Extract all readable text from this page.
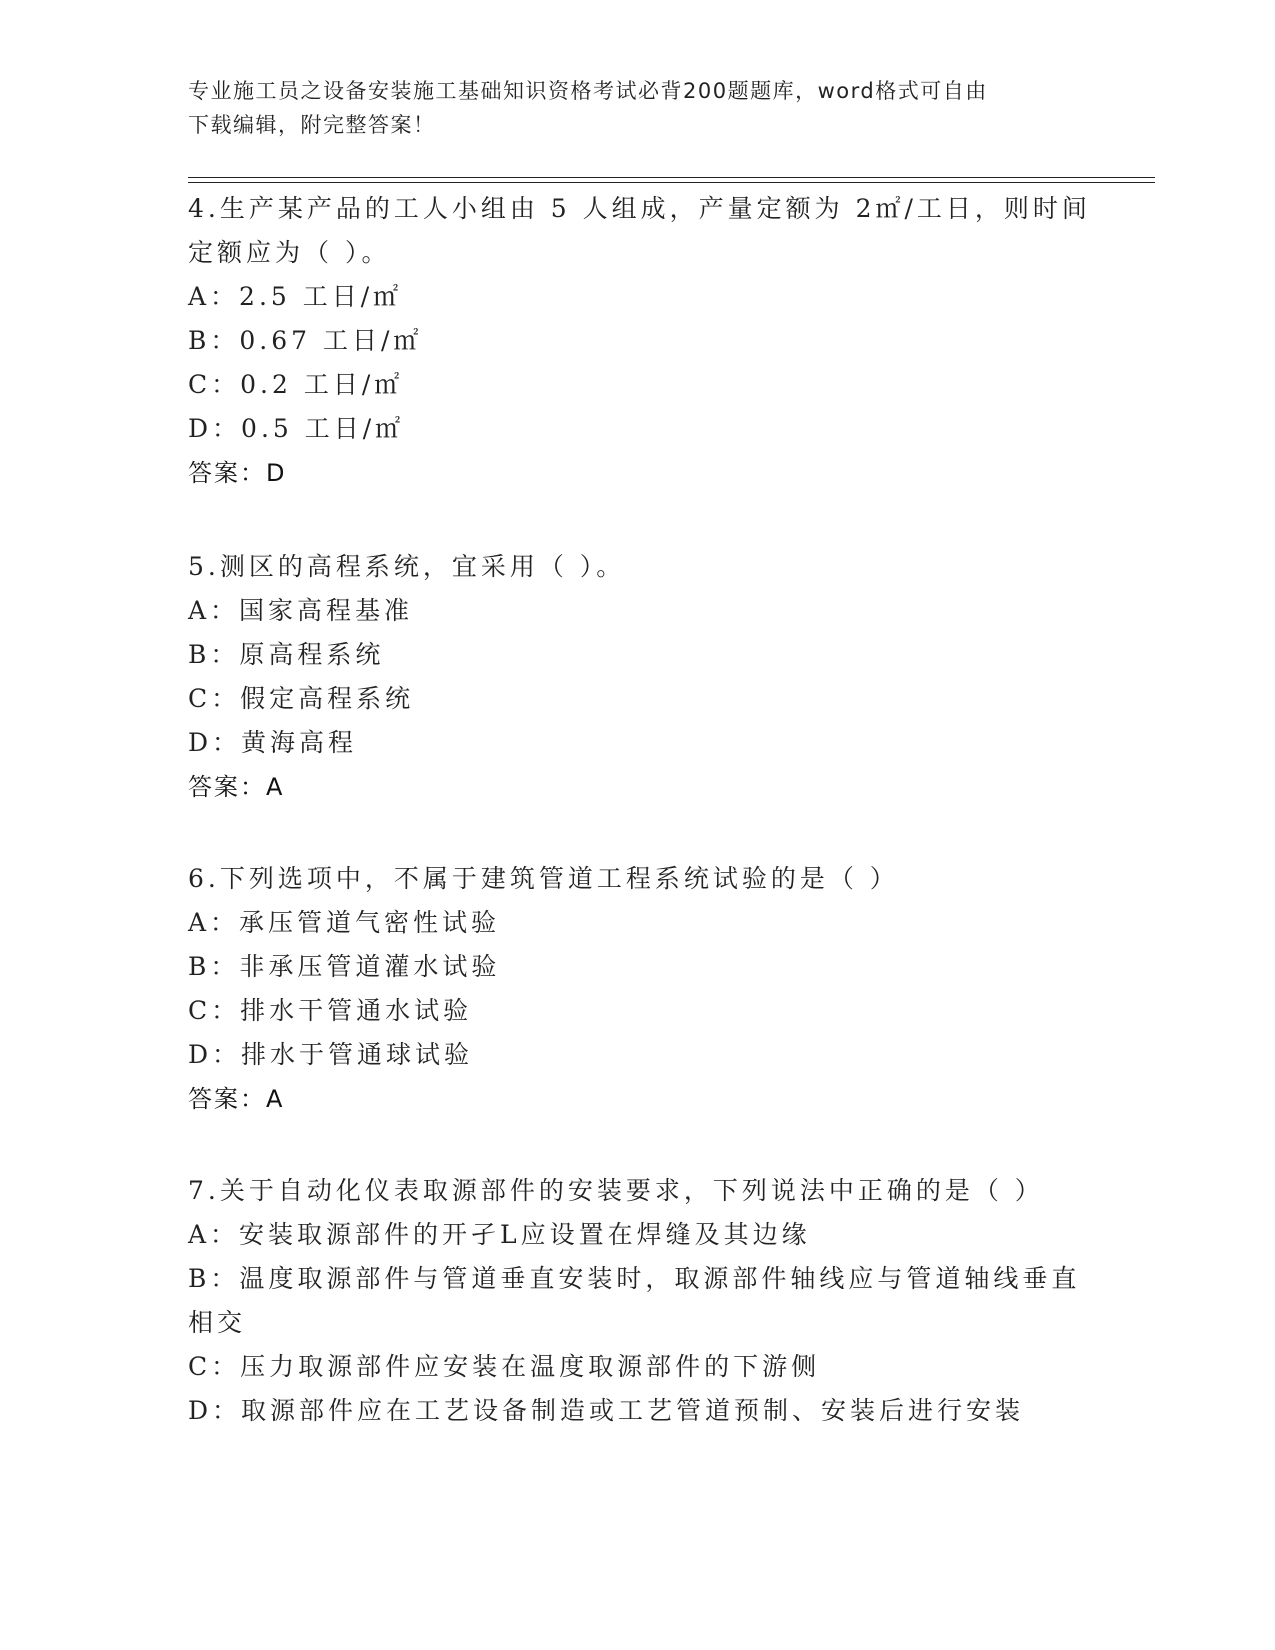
专业施工员之设备安装施工基础知识资格考试必背200题题库，word格式可自由
下载编辑，附完整答案！
4.生产某产品的工人小组由 5 人组成，产量定额为 2㎡/工日，则时间
定额应为（ ）。
A：2.5 工日/㎡
B：0.67 工日/㎡
C：0.2 工日/㎡
D：0.5 工日/㎡
答案：D
5.测区的高程系统，宜采用（ ）。
A：国家高程基准
B：原高程系统
C：假定高程系统
D：黄海高程
答案：A
6.下列选项中，不属于建筑管道工程系统试验的是（ ）
A：承压管道气密性试验
B：非承压管道灌水试验
C：排水干管通水试验
D：排水于管通球试验
答案：A
7.关于自动化仪表取源部件的安装要求，下列说法中正确的是（ ）
A：安装取源部件的开孑L应设置在焊缝及其边缘
B：温度取源部件与管道垂直安装时，取源部件轴线应与管道轴线垂直
相交
C：压力取源部件应安装在温度取源部件的下游侧
D：取源部件应在工艺设备制造或工艺管道预制、安装后进行安装
